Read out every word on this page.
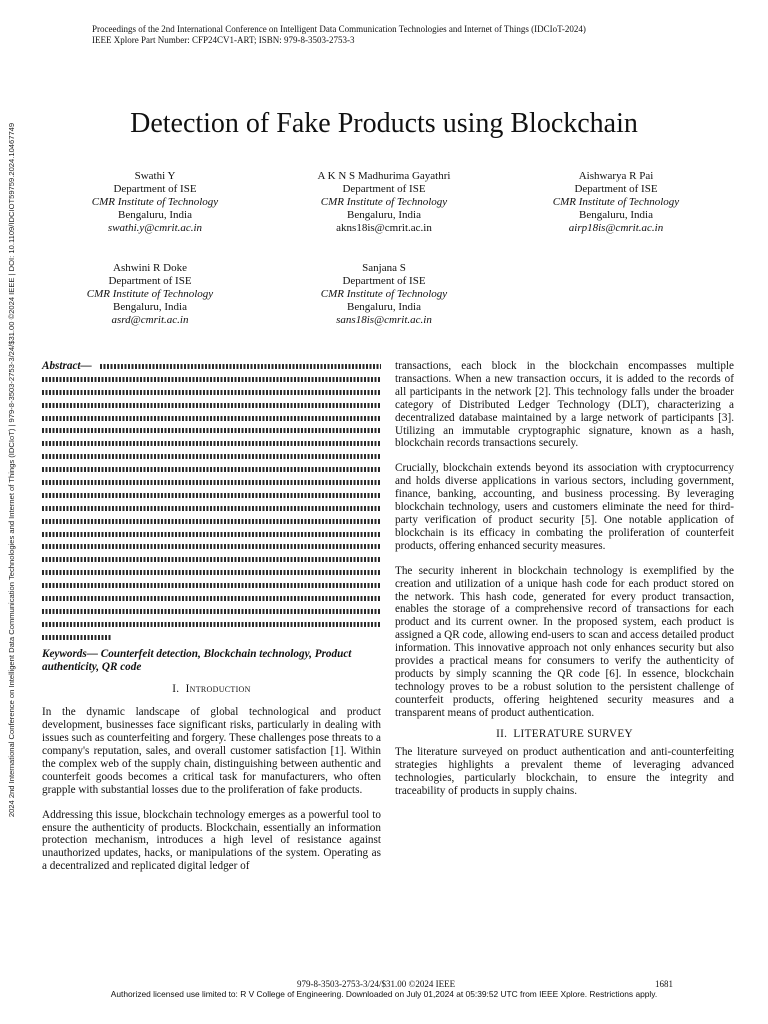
Proceedings of the 2nd International Conference on Intelligent Data Communication Technologies and Internet of Things (IDCIoT-2024)
IEEE Xplore Part Number: CFP24CV1-ART; ISBN: 979-8-3503-2753-3
2024 2nd International Conference on Intelligent Data Communication Technologies and Internet of Things (IDCIoT) | 979-8-3503-2753-3/24/$31.00 ©2024 IEEE | DOI: 10.1109/IDCIOT59759.2024.10467749	Detection of Fake Products using Blockchain
Swathi Y
Department of ISE
CMR Institute of Technology
Bengaluru, India
swathi.y@cmrit.ac.in
A K N S Madhurima Gayathri
Department of ISE
CMR Institute of Technology
Bengaluru, India
akns18is@cmrit.ac.in
Aishwarya R Pai
Department of ISE
CMR Institute of Technology
Bengaluru, India
airp18is@cmrit.ac.in
Ashwini R Doke
Department of ISE
CMR Institute of Technology
Bengaluru, India
asrd@cmrit.ac.in
Sanjana S
Department of ISE
CMR Institute of Technology
Bengaluru, India
sans18is@cmrit.ac.in
Abstract—

Keywords— Counterfeit detection, Blockchain technology, Product authenticity, QR code

I. Introduction

In the dynamic landscape of global technological and product development, businesses face significant risks, particularly in dealing with issues such as counterfeiting and forgery. These challenges pose threats to a company's reputation, sales, and overall customer satisfaction [1]. Within the complex web of the supply chain, distinguishing between authentic and counterfeit goods becomes a critical task for manufacturers, who often grapple with substantial losses due to the proliferation of fake products.

Addressing this issue, blockchain technology emerges as a powerful tool to ensure the authenticity of products. Blockchain, essentially an information protection mechanism, introduces a high level of resistance against unauthorized updates, hacks, or manipulations of the system. Operating as a decentralized and replicated digital ledger of

transactions, each block in the blockchain encompasses multiple transactions. When a new transaction occurs, it is added to the records of all participants in the network [2]. This technology falls under the broader category of Distributed Ledger Technology (DLT), characterizing a decentralized database maintained by a large network of participants [3]. Utilizing an immutable cryptographic signature, known as a hash, blockchain records transactions securely.

Crucially, blockchain extends beyond its association with cryptocurrency and holds diverse applications in various sectors, including government, finance, banking, accounting, and business processing. By leveraging blockchain technology, users and customers eliminate the need for third-party verification of product security [5]. One notable application of blockchain is its efficacy in combating the proliferation of counterfeit products, offering enhanced security measures.

The security inherent in blockchain technology is exemplified by the creation and utilization of a unique hash code for each product stored on the network. This hash code, generated for every product transaction, enables the storage of a comprehensive record of transactions for each product and its current owner. In the proposed system, each product is assigned a QR code, allowing end-users to scan and access detailed product information. This innovative approach not only enhances security but also provides a practical means for consumers to verify the authenticity of products by simply scanning the QR code [6]. In essence, blockchain technology proves to be a robust solution to the persistent challenge of counterfeit products, offering heightened security measures and a transparent means of product authentication.

II. LITERATURE SURVEY

The literature surveyed on product authentication and anti-counterfeiting strategies highlights a prevalent theme of leveraging advanced technologies, particularly blockchain, to ensure the integrity and traceability of products in supply chains.

979-8-3503-2753-3/24/$31.00 ©2024 IEEE	1681
Authorized licensed use limited to: R V College of Engineering. Downloaded on July 01,2024 at 05:39:52 UTC from IEEE Xplore. Restrictions apply.
